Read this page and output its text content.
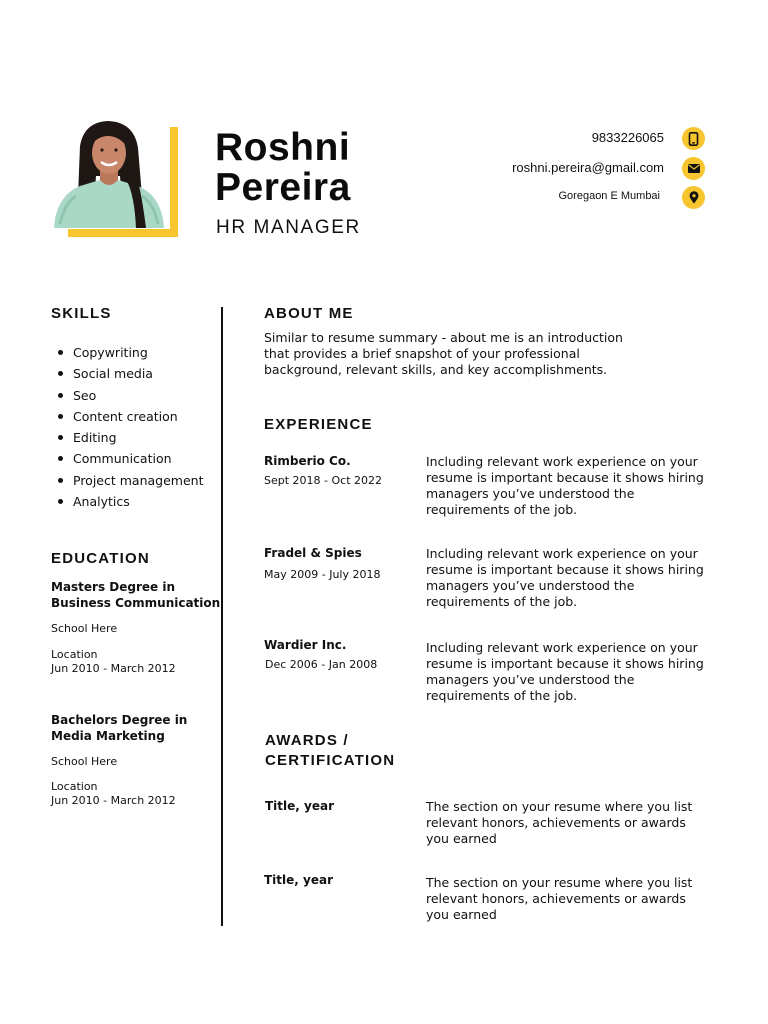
Roshni
Pereira
HR MANAGER
9833226065
roshni.pereira@gmail.com
Goregaon E Mumbai
SKILLS
Copywriting
Social media
Seo
Content creation
Editing
Communication
Project management
Analytics
EDUCATION
Masters Degree in
Business Communication
School Here
Location
Jun 2010 - March 2012
Bachelors Degree in
Media Marketing
School Here
Location
Jun 2010 - March 2012
ABOUT ME
Similar to resume summary - about me is an introduction that provides a brief snapshot of your professional background, relevant skills, and key accomplishments.
EXPERIENCE
Rimberio Co.
Sept 2018 - Oct 2022
Including relevant work experience on your resume is important because it shows hiring managers you’ve understood the requirements of the job.
Fradel & Spies
May 2009 - July 2018
Including relevant work experience on your resume is important because it shows hiring managers you’ve understood the requirements of the job.
Wardier Inc.
Dec 2006 - Jan 2008
Including relevant work experience on your resume is important because it shows hiring managers you’ve understood the requirements of the job.
AWARDS /
CERTIFICATION
Title, year	The section on your resume where you list relevant honors, achievements or awards you earned
Title, year	The section on your resume where you list relevant honors, achievements or awards you earned
